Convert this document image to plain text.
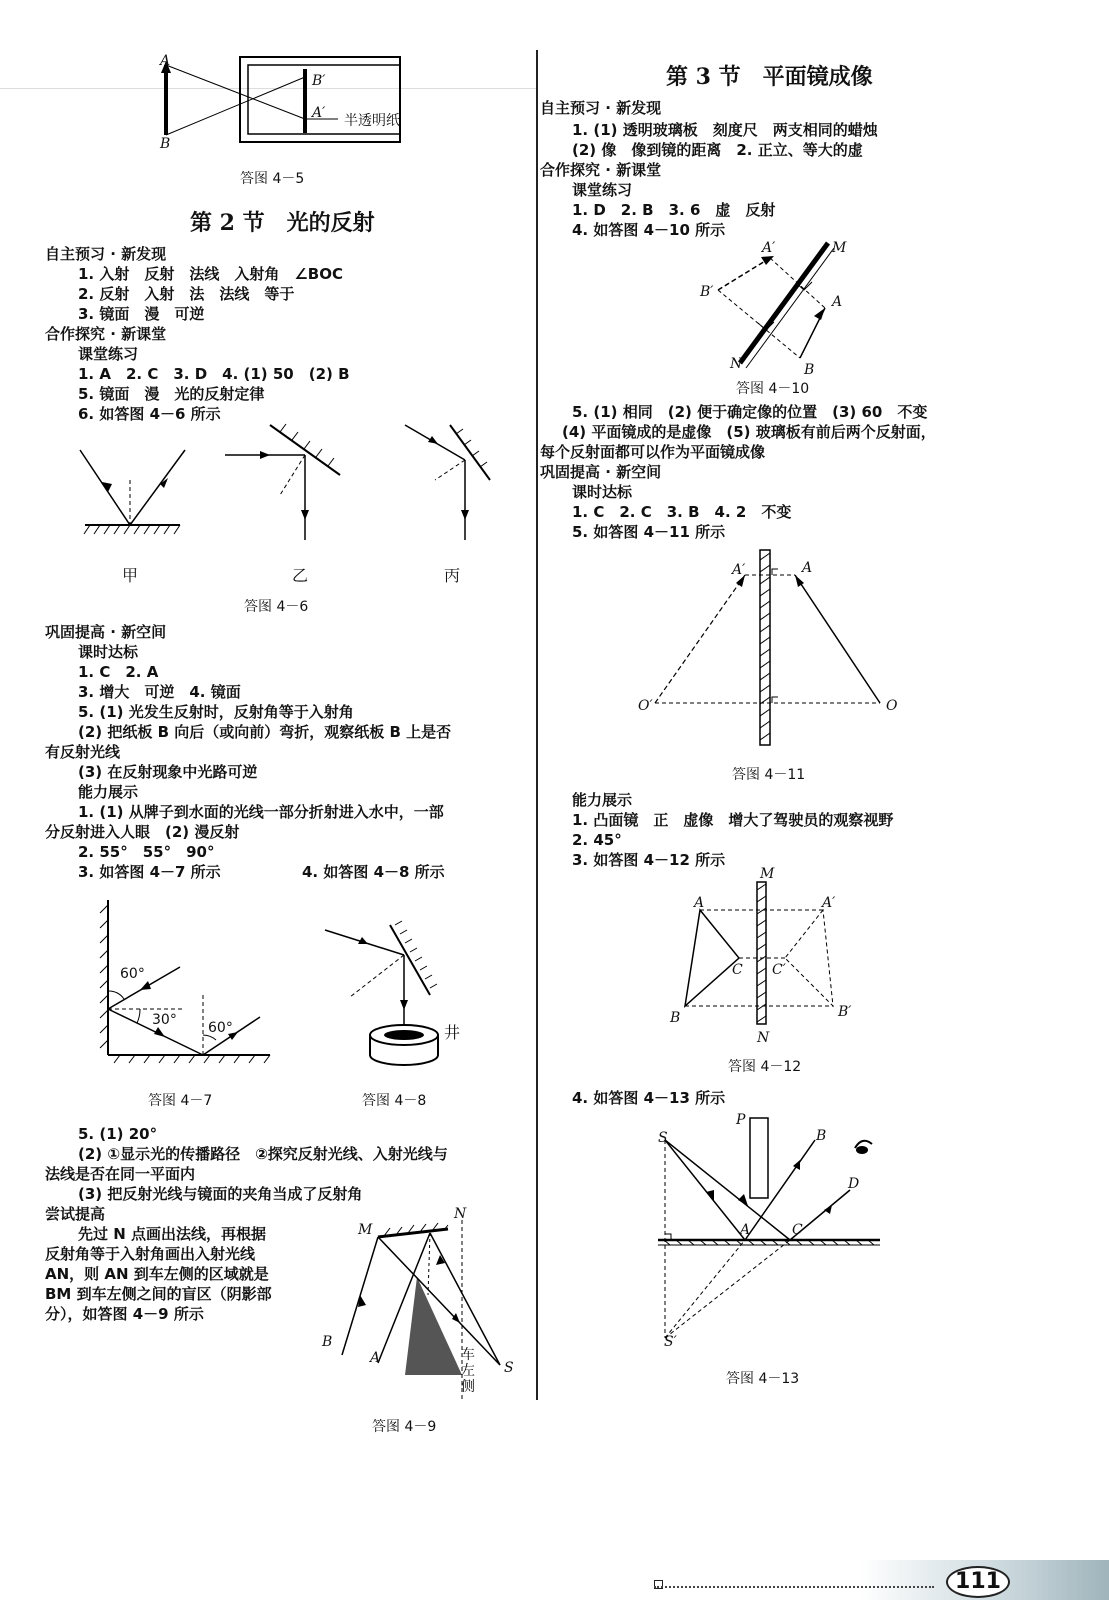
A
B
B′
A′ 半透明纸
答图 4－5
第 2 节　光的反射
自主预习 · 新发现
1. 入射　反射　法线　入射角　∠BOC
2. 反射　入射　法　法线　等于
3. 镜面　漫　可逆
合作探究 · 新课堂
课堂练习
1. A　2. C　3. D　4. (1) 50　(2) B
5. 镜面　漫　光的反射定律
6. 如答图 4－6 所示
甲	乙	丙
答图 4－6
巩固提高 · 新空间
课时达标
1. C　2. A
3. 增大　可逆　4. 镜面
5. (1) 光发生反射时，反射角等于入射角
(2) 把纸板 B 向后（或向前）弯折，观察纸板 B 上是否
有反射光线
(3) 在反射现象中光路可逆
能力展示
1. (1) 从牌子到水面的光线一部分折射进入水中，一部
分反射进入人眼　(2) 漫反射
2. 55°　55°　90°
3. 如答图 4－7 所示	4. 如答图 4－8 所示
60°
30° 60°
答图 4－7
井
答图 4－8
5. (1) 20°
(2) ①显示光的传播路径　②探究反射光线、入射光线与
法线是否在同一平面内
(3) 把反射光线与镜面的夹角当成了反射角
尝试提高
先过 N 点画出法线，再根据
反射角等于入射角画出入射光线
AN，则 AN 到车左侧的区域就是
BM 到车左侧之间的盲区（阴影部
分），如答图 4－9 所示
M
N
B
A
S
车左侧
答图 4－9
第 3 节　平面镜成像
自主预习 · 新发现
1. (1) 透明玻璃板　刻度尺　两支相同的蜡烛
(2) 像　像到镜的距离　2. 正立、等大的虚
合作探究 · 新课堂
课堂练习
1. D　2. B　3. 6　虚　反射
4. 如答图 4－10 所示
A′	M
B′
A
N	B
答图 4－10
5. (1) 相同　(2) 便于确定像的位置　(3) 60　不变
(4) 平面镜成的是虚像　(5) 玻璃板有前后两个反射面，
每个反射面都可以作为平面镜成像
巩固提高 · 新空间
课时达标
1. C　2. C　3. B　4. 2　不变
5. 如答图 4－11 所示
A′	A
O′	O
答图 4－11
能力展示
1. 凸面镜　正　虚像　增大了驾驶员的观察视野
2. 45°
3. 如答图 4－12 所示
M
A	A′
C C′
B	B′
N
答图 4－12
4. 如答图 4－13 所示
P
S	B
D
A	C
S′
答图 4－13
111
